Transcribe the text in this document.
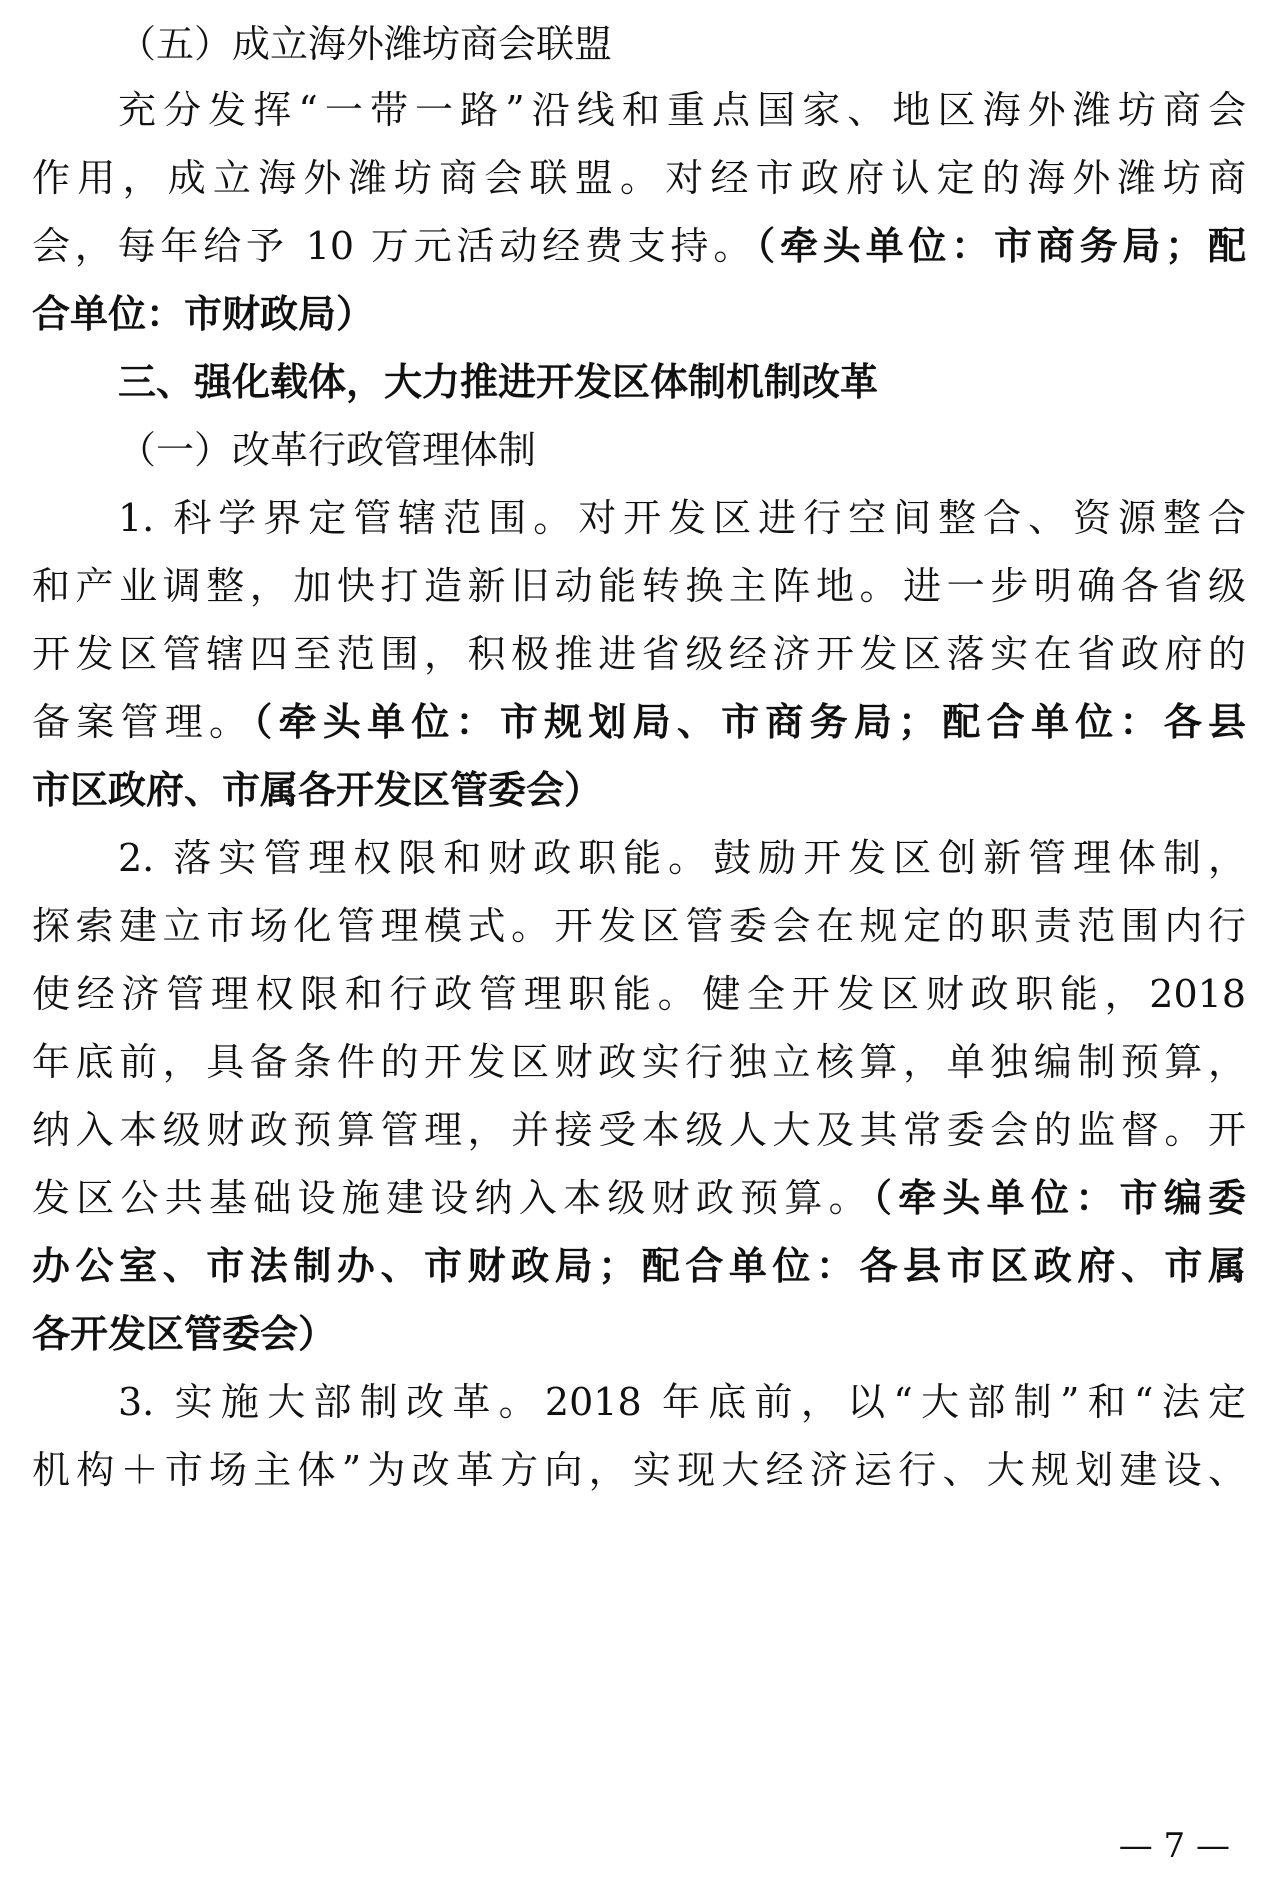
（五）成立海外潍坊商会联盟
充分发挥“一带一路”沿线和重点国家、地区海外潍坊商会
作用，成立海外潍坊商会联盟。对经市政府认定的海外潍坊商
会，每年给予 10 万元活动经费支持。（牵头单位：市商务局；配
合单位：市财政局）
三、强化载体，大力推进开发区体制机制改革
（一）改革行政管理体制
1. 科学界定管辖范围。对开发区进行空间整合、资源整合
和产业调整，加快打造新旧动能转换主阵地。进一步明确各省级
开发区管辖四至范围，积极推进省级经济开发区落实在省政府的
备案管理。（牵头单位：市规划局、市商务局；配合单位：各县
市区政府、市属各开发区管委会）
2. 落实管理权限和财政职能。鼓励开发区创新管理体制，
探索建立市场化管理模式。开发区管委会在规定的职责范围内行
使经济管理权限和行政管理职能。健全开发区财政职能，2018
年底前，具备条件的开发区财政实行独立核算，单独编制预算，
纳入本级财政预算管理，并接受本级人大及其常委会的监督。开
发区公共基础设施建设纳入本级财政预算。（牵头单位：市编委
办公室、市法制办、市财政局；配合单位：各县市区政府、市属
各开发区管委会）
3. 实施大部制改革。2018 年底前，以“大部制”和“法定
机构＋市场主体”为改革方向，实现大经济运行、大规划建设、
— 7 —
